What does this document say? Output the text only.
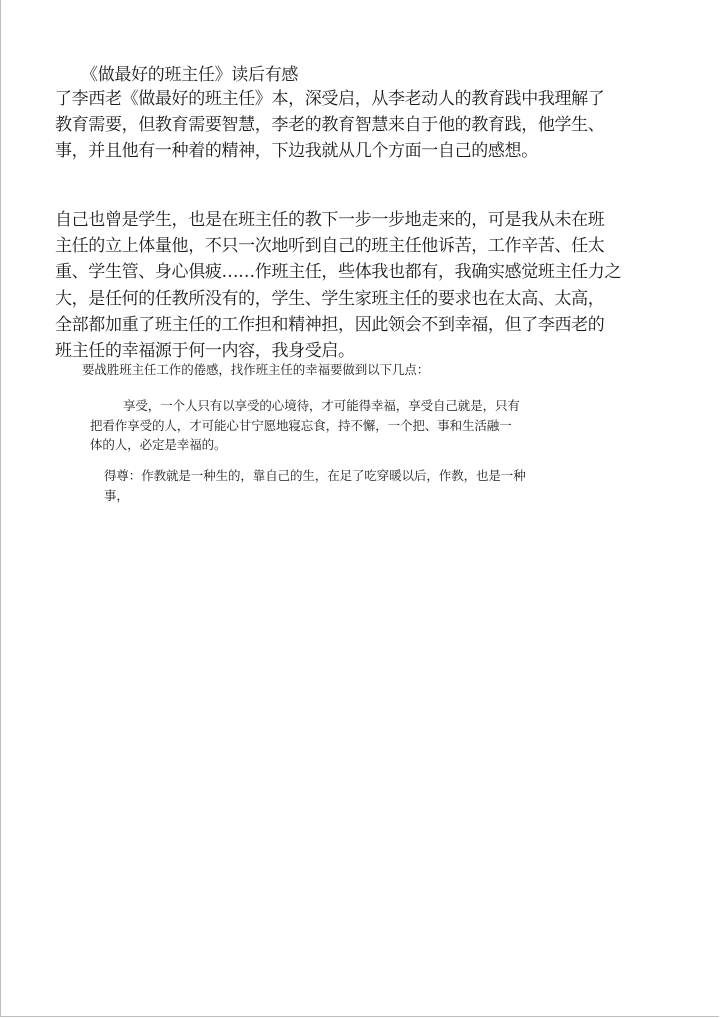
《做最好的班主任》读后有感

了李西老《做最好的班主任》本，深受启，从李老动人的教育践中我理解了
教育需要，但教育需要智慧，李老的教育智慧来自于他的教育践，他学生、
事，并且他有一种着的精神，下边我就从几个方面一自己的感想。

自己也曾是学生，也是在班主任的教下一步一步地走来的，可是我从未在班
主任的立上体量他，不只一次地听到自己的班主任他诉苦，工作辛苦、任太
重、学生管、身心俱疲……作班主任，些体我也都有，我确实感觉班主任力之
大，是任何的任教所没有的，学生、学生家班主任的要求也在太高、太高，
全部都加重了班主任的工作担和精神担，因此领会不到幸福，但了李西老的
班主任的幸福源于何一内容，我身受启。

要战胜班主任工作的倦感，找作班主任的幸福要做到以下几点：

享受，一个人只有以享受的心境待，才可能得幸福，享受自己就是，只有
把看作享受的人，才可能心甘宁愿地寝忘食，持不懈，一个把、事和生活融一
体的人，必定是幸福的。

得尊：作教就是一种生的，靠自己的生，在足了吃穿暖以后，作教，也是一种
事，
